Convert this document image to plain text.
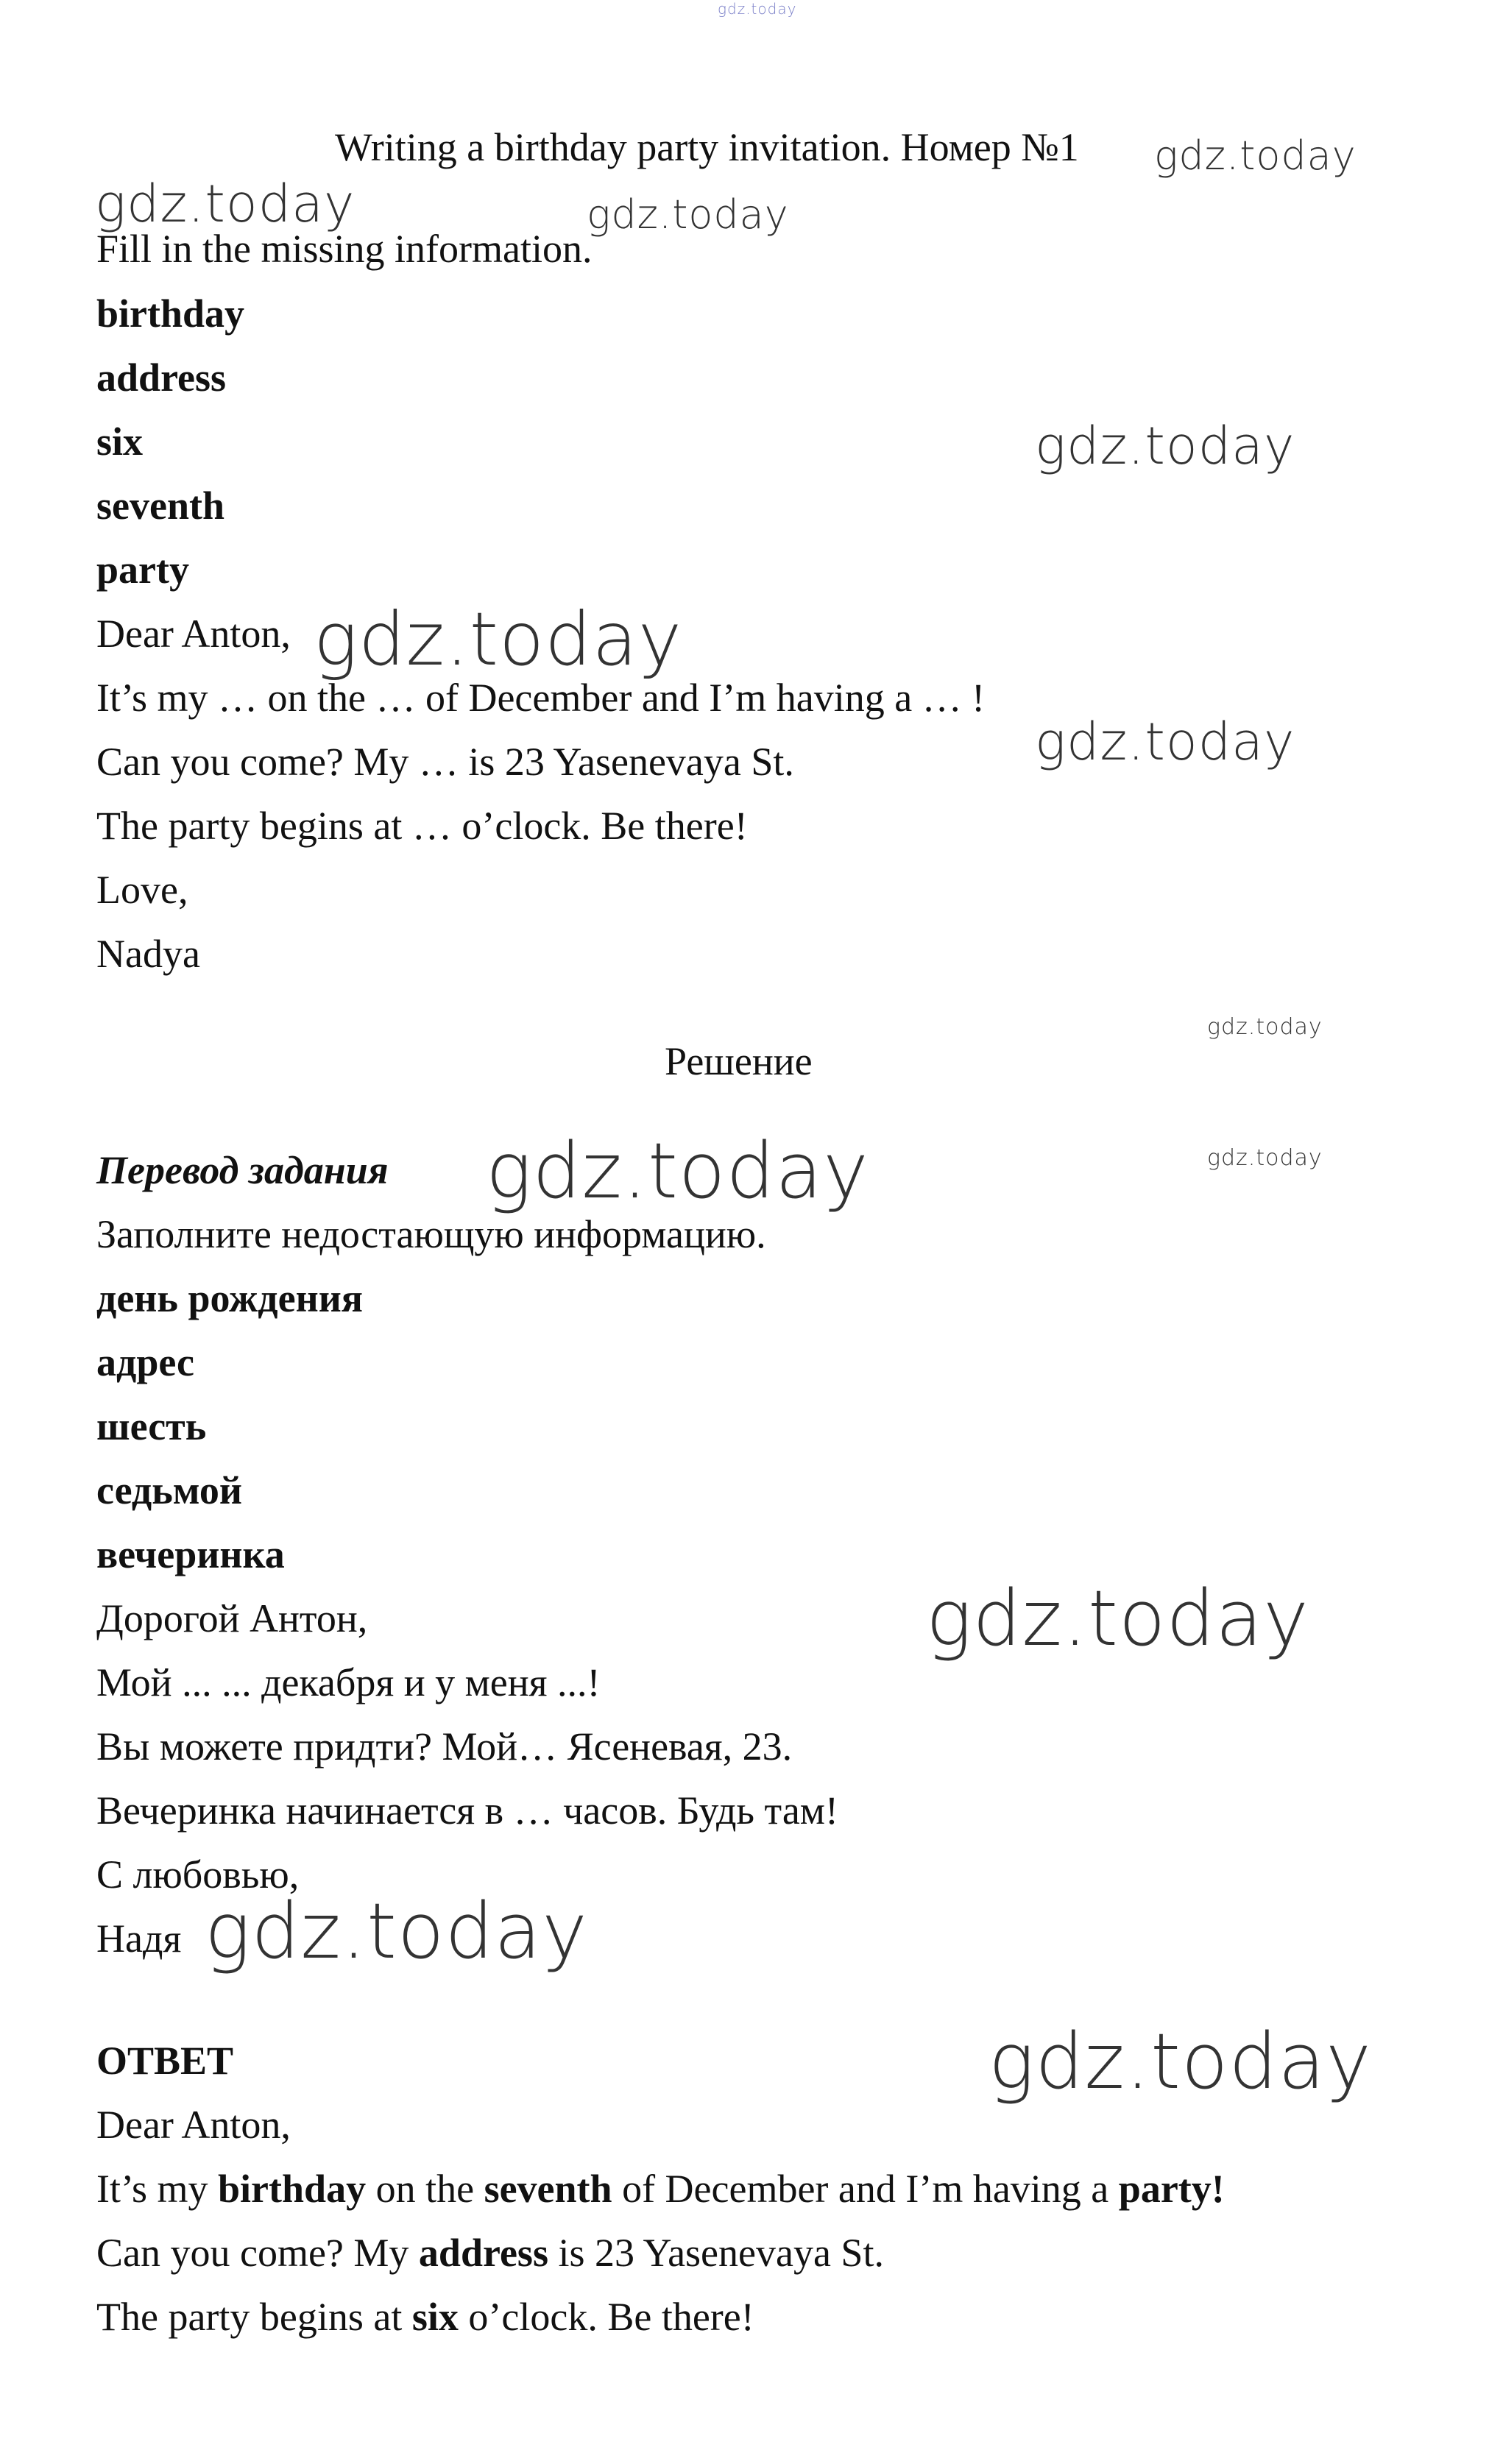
gdz.today
gdz.today
gdz.today	gdz.today
gdz.today
gdz.today
gdz.today
gdz.today
gdz.today
gdz.today
gdz.today
gdz.today
gdz.today

Writing a birthday party invitation. Номер №1

Fill in the missing information.

birthday

address

six

seventh

party

Dear Anton,

It’s my … on the … of December and I’m having a … !

Can you come? My … is 23 Yasenevaya St.

The party begins at … o’clock. Be there!

Love,

Nadya

Решение

Перевод задания

Заполните недостающую информацию.

день рождения

адрес

шесть

седьмой

вечеринка

Дорогой Антон,

Мой ... ... декабря и у меня ...!

Вы можете придти? Мой… Ясеневая, 23.

Вечеринка начинается в … часов. Будь там!

С любовью,

Надя

ОТВЕТ

Dear Anton,

It’s my birthday on the seventh of December and I’m having a party!

Can you come? My address is 23 Yasenevaya St.

The party begins at six o’clock. Be there!
